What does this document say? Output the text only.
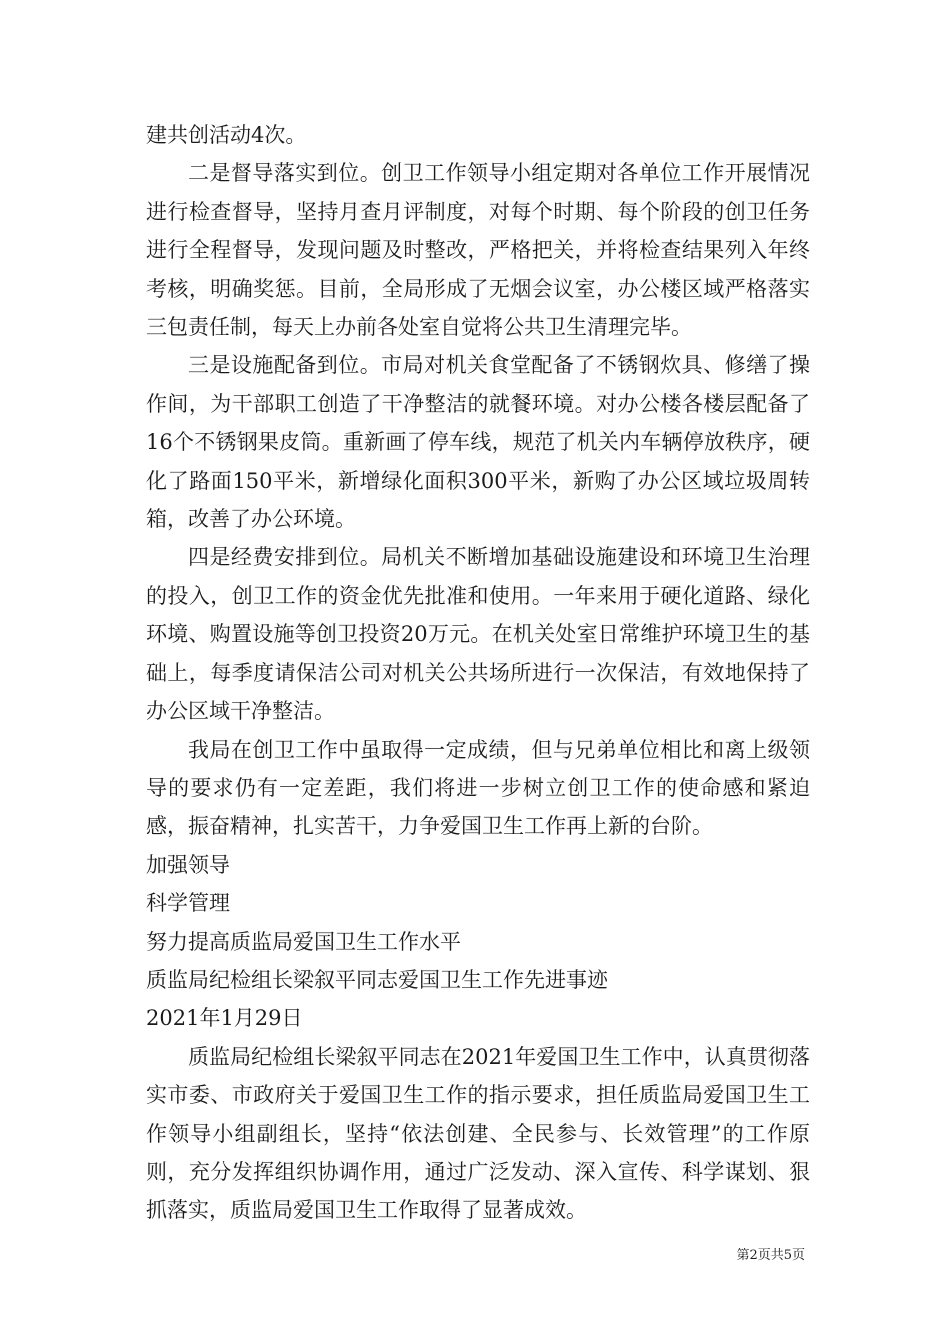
建共创活动4次。

二是督导落实到位。创卫工作领导小组定期对各单位工作开展情况进行检查督导，坚持月查月评制度，对每个时期、每个阶段的创卫任务进行全程督导，发现问题及时整改，严格把关，并将检查结果列入年终考核，明确奖惩。目前，全局形成了无烟会议室，办公楼区域严格落实三包责任制，每天上办前各处室自觉将公共卫生清理完毕。

三是设施配备到位。市局对机关食堂配备了不锈钢炊具、修缮了操作间，为干部职工创造了干净整洁的就餐环境。对办公楼各楼层配备了16个不锈钢果皮筒。重新画了停车线，规范了机关内车辆停放秩序，硬化了路面150平米，新增绿化面积300平米，新购了办公区域垃圾周转箱，改善了办公环境。

四是经费安排到位。局机关不断增加基础设施建设和环境卫生治理的投入，创卫工作的资金优先批准和使用。一年来用于硬化道路、绿化环境、购置设施等创卫投资20万元。在机关处室日常维护环境卫生的基础上，每季度请保洁公司对机关公共场所进行一次保洁，有效地保持了办公区域干净整洁。

我局在创卫工作中虽取得一定成绩，但与兄弟单位相比和离上级领导的要求仍有一定差距，我们将进一步树立创卫工作的使命感和紧迫感，振奋精神，扎实苦干，力争爱国卫生工作再上新的台阶。

加强领导

科学管理

努力提高质监局爱国卫生工作水平

质监局纪检组长梁叙平同志爱国卫生工作先进事迹

2021年1月29日

质监局纪检组长梁叙平同志在2021年爱国卫生工作中，认真贯彻落实市委、市政府关于爱国卫生工作的指示要求，担任质监局爱国卫生工作领导小组副组长，坚持“依法创建、全民参与、长效管理”的工作原则，充分发挥组织协调作用，通过广泛发动、深入宣传、科学谋划、狠抓落实，质监局爱国卫生工作取得了显著成效。

第2页共5页
